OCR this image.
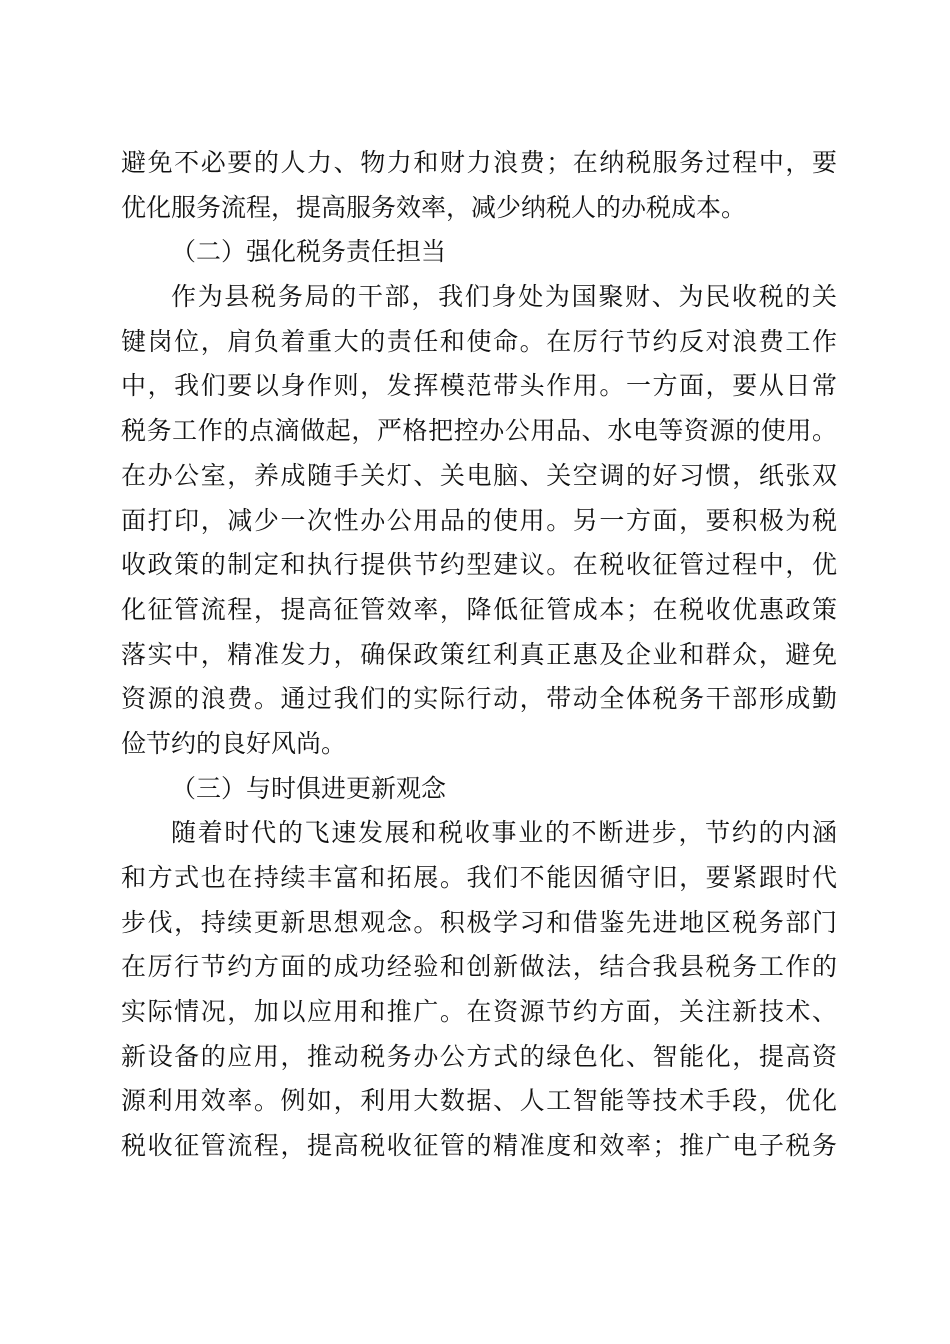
避免不必要的人力、物力和财力浪费；在纳税服务过程中，要
优化服务流程，提高服务效率，减少纳税人的办税成本。
（二）强化税务责任担当
作为县税务局的干部，我们身处为国聚财、为民收税的关
键岗位，肩负着重大的责任和使命。在厉行节约反对浪费工作
中，我们要以身作则，发挥模范带头作用。一方面，要从日常
税务工作的点滴做起，严格把控办公用品、水电等资源的使用。
在办公室，养成随手关灯、关电脑、关空调的好习惯，纸张双
面打印，减少一次性办公用品的使用。另一方面，要积极为税
收政策的制定和执行提供节约型建议。在税收征管过程中，优
化征管流程，提高征管效率，降低征管成本；在税收优惠政策
落实中，精准发力，确保政策红利真正惠及企业和群众，避免
资源的浪费。通过我们的实际行动，带动全体税务干部形成勤
俭节约的良好风尚。
（三）与时俱进更新观念
随着时代的飞速发展和税收事业的不断进步，节约的内涵
和方式也在持续丰富和拓展。我们不能因循守旧，要紧跟时代
步伐，持续更新思想观念。积极学习和借鉴先进地区税务部门
在厉行节约方面的成功经验和创新做法，结合我县税务工作的
实际情况，加以应用和推广。在资源节约方面，关注新技术、
新设备的应用，推动税务办公方式的绿色化、智能化，提高资
源利用效率。例如，利用大数据、人工智能等技术手段，优化
税收征管流程，提高税收征管的精准度和效率；推广电子税务
